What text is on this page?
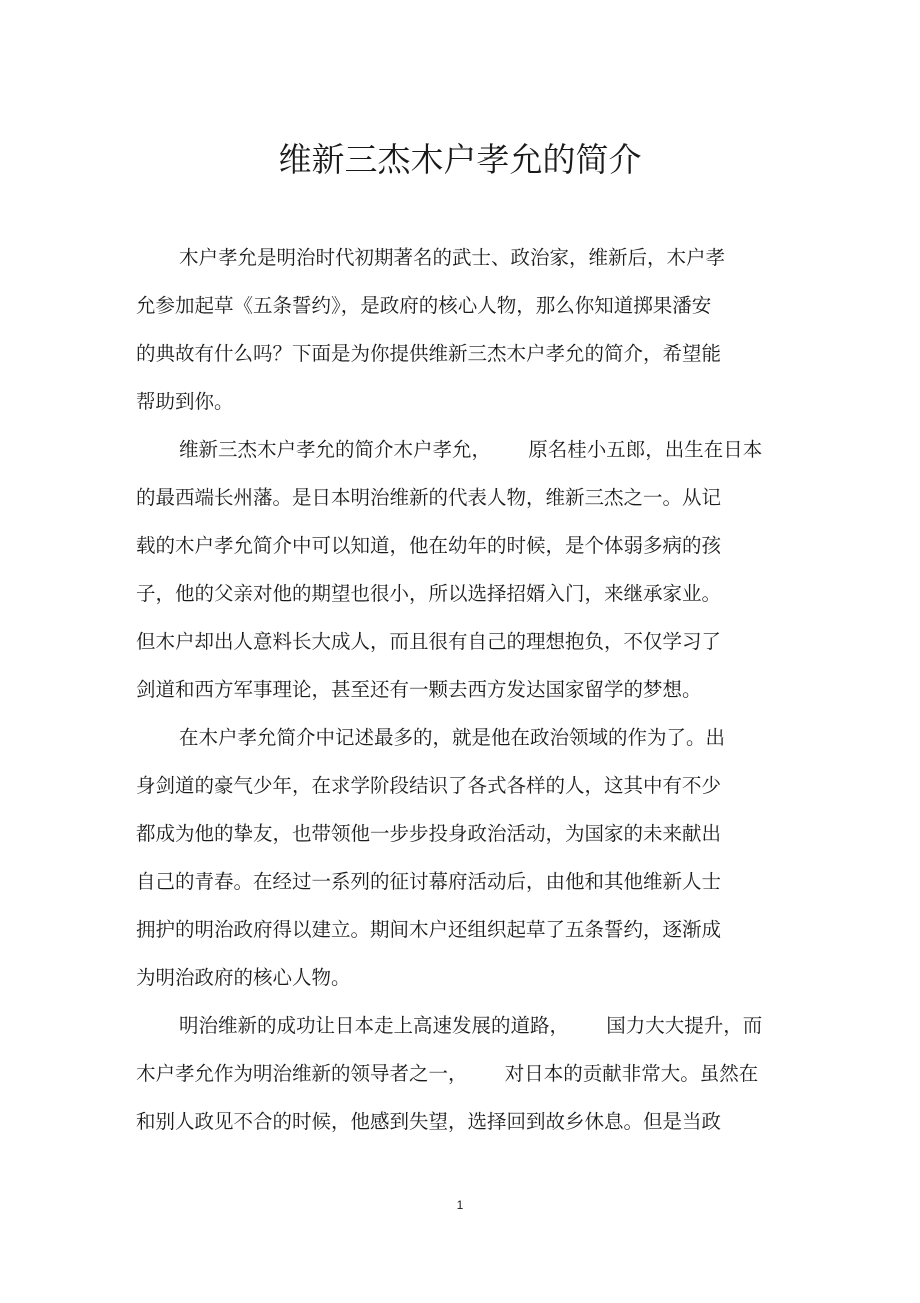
维新三杰木户孝允的简介

木户孝允是明治时代初期著名的武士、政治家，维新后，木户孝
允参加起草《五条誓约》，是政府的核心人物，那么你知道掷果潘安
的典故有什么吗？下面是为你提供维新三杰木户孝允的简介，希望能
帮助到你。

维新三杰木户孝允的简介木户孝允，      原名桂小五郎，出生在日本
的最西端长州藩。是日本明治维新的代表人物，维新三杰之一。从记
载的木户孝允简介中可以知道，他在幼年的时候，是个体弱多病的孩
子，他的父亲对他的期望也很小，所以选择招婿入门，来继承家业。
但木户却出人意料长大成人，而且很有自己的理想抱负，不仅学习了
剑道和西方军事理论，甚至还有一颗去西方发达国家留学的梦想。

在木户孝允简介中记述最多的，就是他在政治领域的作为了。出
身剑道的豪气少年，在求学阶段结识了各式各样的人，这其中有不少
都成为他的挚友，也带领他一步步投身政治活动，为国家的未来献出
自己的青春。在经过一系列的征讨幕府活动后，由他和其他维新人士
拥护的明治政府得以建立。期间木户还组织起草了五条誓约，逐渐成
为明治政府的核心人物。

明治维新的成功让日本走上高速发展的道路，      国力大大提升，而
木户孝允作为明治维新的领导者之一，      对日本的贡献非常大。虽然在
和别人政见不合的时候，他感到失望，选择回到故乡休息。但是当政

1
